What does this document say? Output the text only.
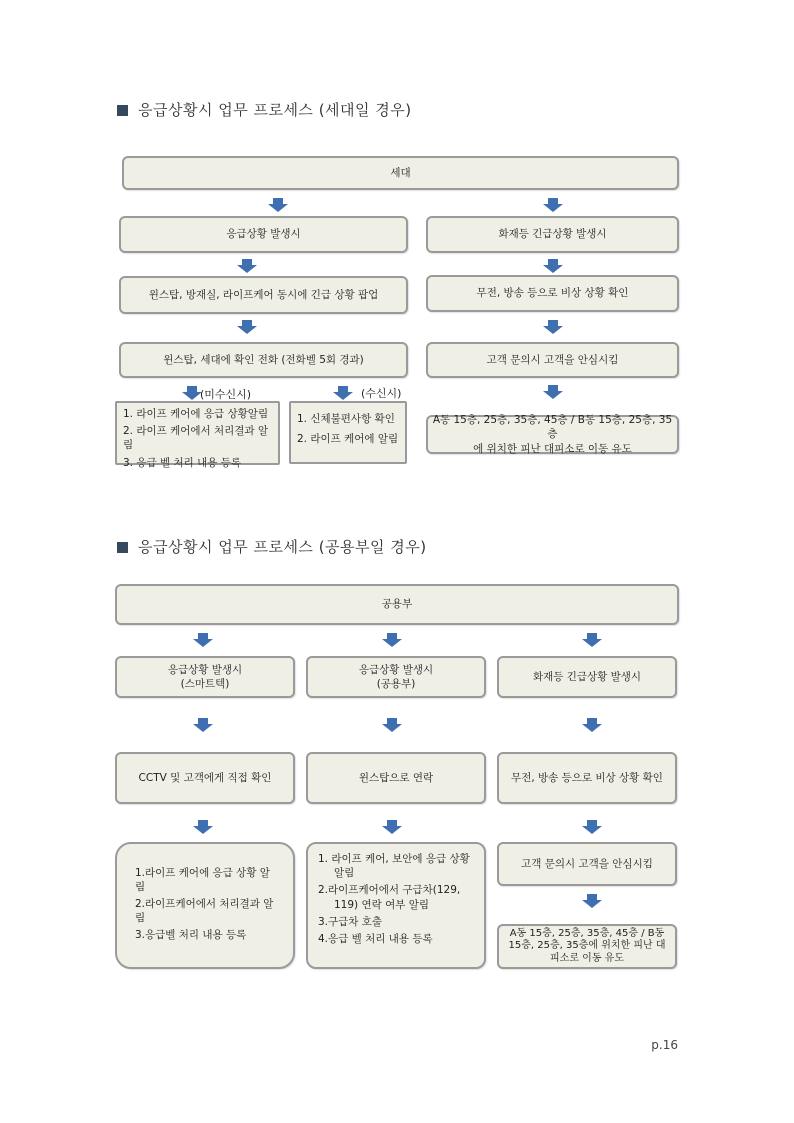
응급상황시 업무 프로세스 (세대일 경우)
세대
응급상황 발생시
윈스탑, 방재실, 라이프케어 동시에 긴급 상황 팝업
윈스탑, 세대에 확인 전화 (전화벨 5회 경과)
(미수신시)	(수신시)
1. 라이프 케어에 응급 상황알림
2. 라이프 케어에서 처리결과 알림
3. 응급 벨 처리 내용 등록
1. 신체불편사항 확인
2. 라이프 케어에 알림
화재등 긴급상황 발생시
무전, 방송 등으로 비상 상황 확인
고객 문의시 고객을 안심시킴
A동 15층, 25층, 35층, 45층 / B동 15층, 25층, 35층
에 위치한 피난 대피소로 이동 유도
응급상황시 업무 프로세스 (공용부일 경우)
공용부
응급상황 발생시
(스마트텍)
CCTV 및 고객에게 직접 확인
1.라이프 케어에 응급 상황 알림
2.라이프케어에서 처리결과 알림
3.응급벨 처리 내용 등록
응급상황 발생시
(공용부)
윈스탑으로 연락
1. 라이프 케어, 보안에 응급 상황
알림
2.라이프케어에서 구급차(129,
119) 연락 여부 알림
3.구급차 호출
4.응급 벨 처리 내용 등록
화재등 긴급상황 발생시
무전, 방송 등으로 비상 상황 확인
고객 문의시 고객을 안심시킴
A동 15층, 25층, 35층, 45층 / B동
15층, 25층, 35층에 위치한 피난 대
피소로 이동 유도
p.16
